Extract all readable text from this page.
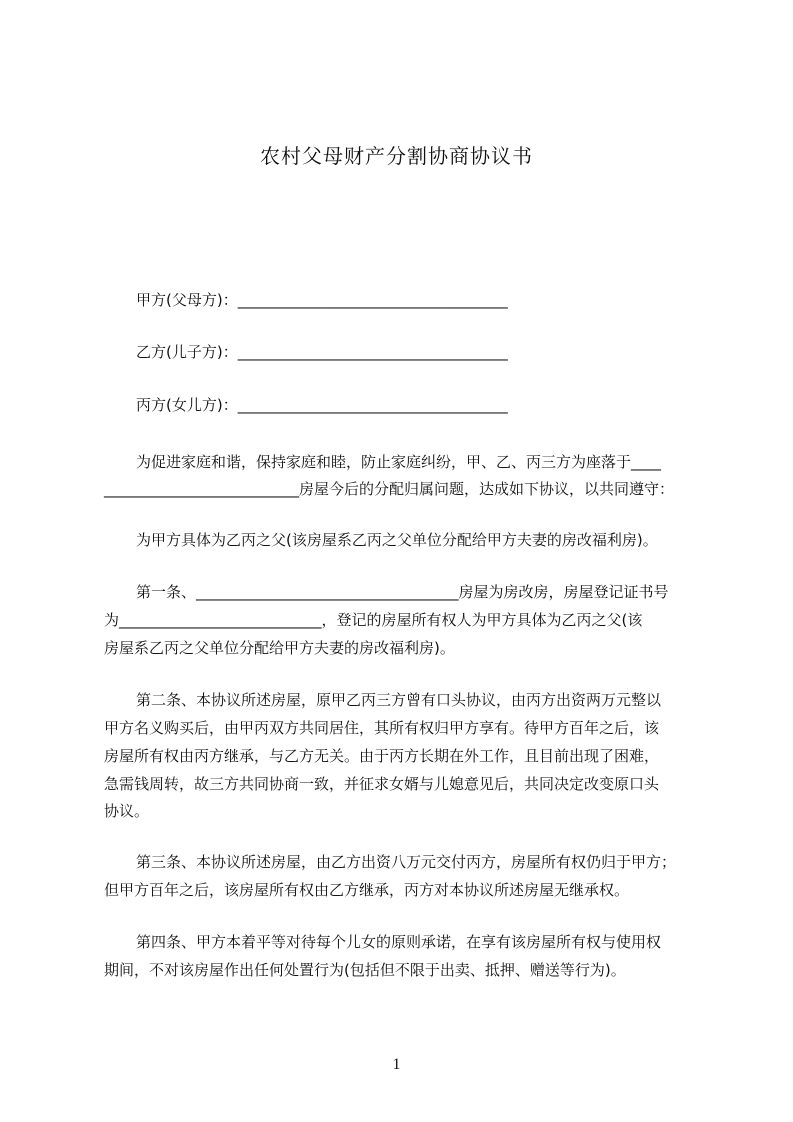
农村父母财产分割协商协议书

甲方(父母方)：____________________________________

乙方(儿子方)：____________________________________

丙方(女儿方)：____________________________________

为促进家庭和谐，保持家庭和睦，防止家庭纠纷，甲、乙、丙三方为座落于____

__________________________房屋今后的分配归属问题，达成如下协议，以共同遵守：

为甲方具体为乙丙之父(该房屋系乙丙之父单位分配给甲方夫妻的房改福利房)。

第一条、___________________________________房屋为房改房，房屋登记证书号

为___________________________，登记的房屋所有权人为甲方具体为乙丙之父(该

房屋系乙丙之父单位分配给甲方夫妻的房改福利房)。

第二条、本协议所述房屋，原甲乙丙三方曾有口头协议，由丙方出资两万元整以

甲方名义购买后，由甲丙双方共同居住，其所有权归甲方享有。待甲方百年之后，该

房屋所有权由丙方继承，与乙方无关。由于丙方长期在外工作，且目前出现了困难，

急需钱周转，故三方共同协商一致，并征求女婿与儿媳意见后，共同决定改变原口头

协议。

第三条、本协议所述房屋，由乙方出资八万元交付丙方，房屋所有权仍归于甲方；

但甲方百年之后，该房屋所有权由乙方继承，丙方对本协议所述房屋无继承权。

第四条、甲方本着平等对待每个儿女的原则承诺，在享有该房屋所有权与使用权

期间，不对该房屋作出任何处置行为(包括但不限于出卖、抵押、赠送等行为)。

1
